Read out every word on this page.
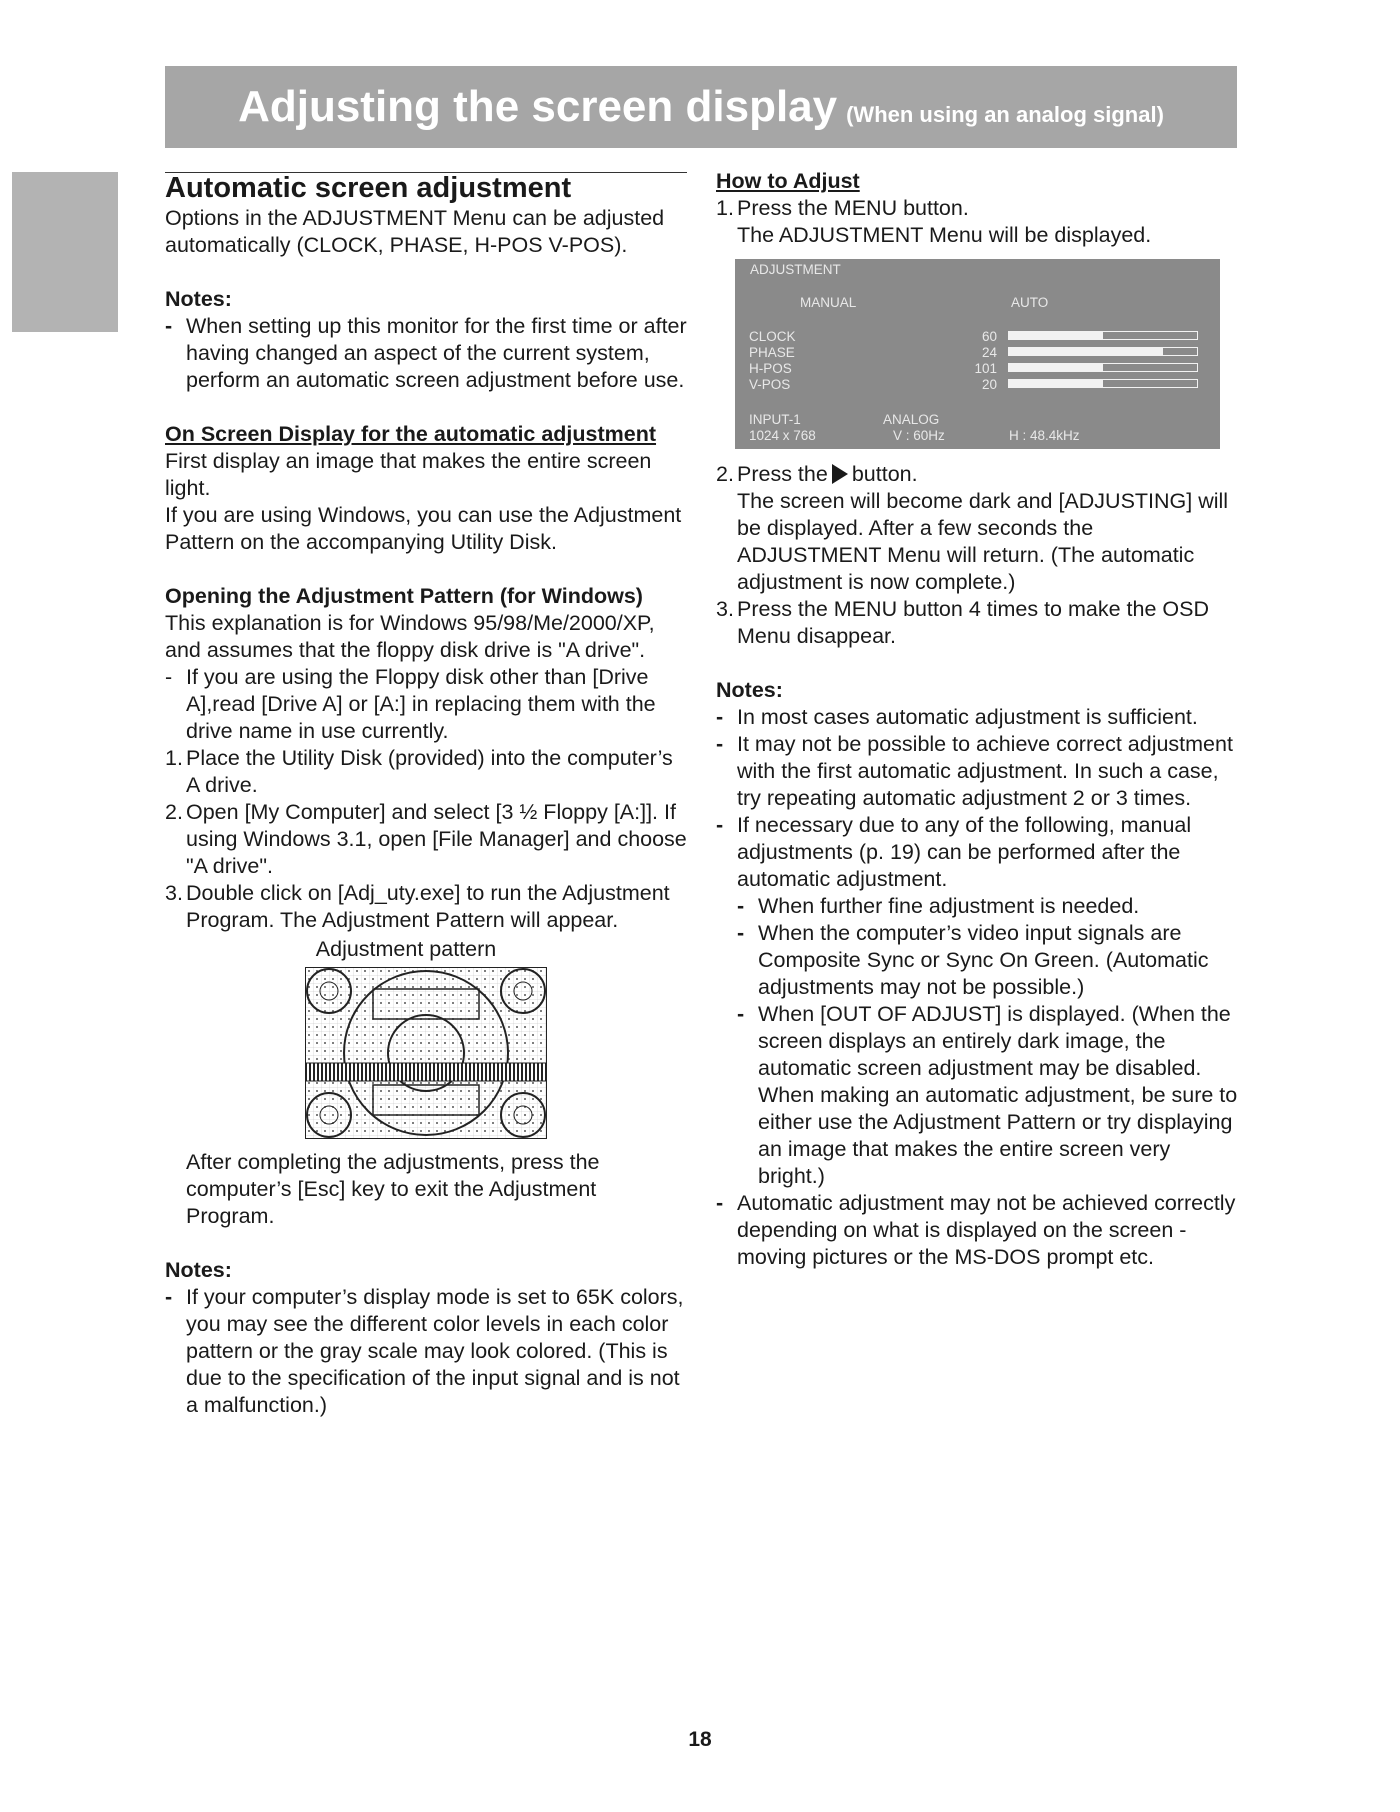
Adjusting the screen display (When using an analog signal)
Automatic screen adjustment

Options in the ADJUSTMENT Menu can be adjusted automatically (CLOCK, PHASE, H-POS V-POS).

Notes:

- When setting up this monitor for the first time or after having changed an aspect of the current system, perform an automatic screen adjustment before use.

On Screen Display for the automatic adjustment

First display an image that makes the entire screen light.

If you are using Windows, you can use the Adjustment Pattern on the accompanying Utility Disk.

Opening the Adjustment Pattern (for Windows)

This explanation is for Windows 95/98/Me/2000/XP, and assumes that the floppy disk drive is "A drive".

- If you are using the Floppy disk other than [Drive A],read [Drive A] or [A:] in replacing them with the drive name in use currently.
1. Place the Utility Disk (provided) into the computer’s A drive.
2. Open [My Computer] and select [3 ½ Floppy [A:]]. If using Windows 3.1, open [File Manager] and choose "A drive".
3. Double click on [Adj_uty.exe] to run the Adjustment Program. The Adjustment Pattern will appear.
Adjustment pattern

After completing the adjustments, press the computer’s [Esc] key to exit the Adjustment Program.

Notes:

- If your computer’s display mode is set to 65K colors, you may see the different color levels in each color pattern or the gray scale may look colored. (This is due to the specification of the input signal and is not a malfunction.)

How to Adjust

1. Press the MENU button.
The ADJUSTMENT Menu will be displayed.
ADJUSTMENT
MANUAL	AUTO
CLOCK	60
PHASE	24
H-POS	101
V-POS	20
INPUT-1	ANALOG
1024 x 768	V : 60Hz	H : 48.4kHz
2. Press the button.
The screen will become dark and [ADJUSTING] will be displayed. After a few seconds the ADJUSTMENT Menu will return. (The automatic adjustment is now complete.)
3. Press the MENU button 4 times to make the OSD Menu disappear.

Notes:

- In most cases automatic adjustment is sufficient.
- It may not be possible to achieve correct adjustment with the first automatic adjustment. In such a case, try repeating automatic adjustment 2 or 3 times.
- If necessary due to any of the following, manual adjustments (p. 19) can be performed after the automatic adjustment.
- When further fine adjustment is needed.
- When the computer’s video input signals are Composite Sync or Sync On Green. (Automatic adjustments may not be possible.)
- When [OUT OF ADJUST] is displayed. (When the screen displays an entirely dark image, the automatic screen adjustment may be disabled. When making an automatic adjustment, be sure to either use the Adjustment Pattern or try displaying an image that makes the entire screen very bright.)
- Automatic adjustment may not be achieved correctly depending on what is displayed on the screen - moving pictures or the MS-DOS prompt etc.
18
